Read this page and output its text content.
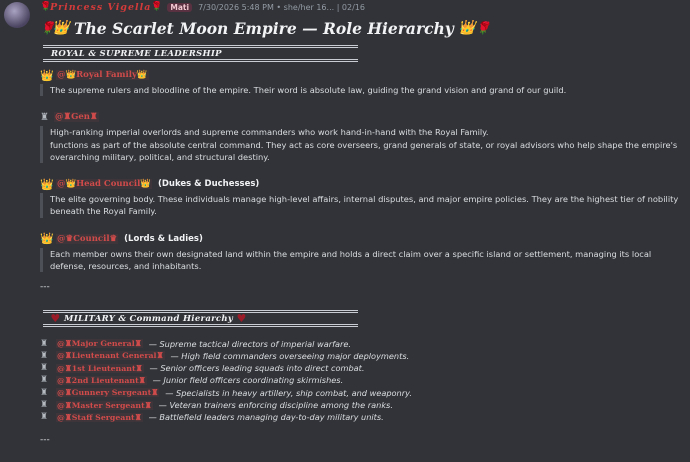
🌹
Princess Vigella 🌹	Mati	7/30/2026 5:48 PM • she/her 16... | 02/16
🌹
👑 The Scarlet Moon Empire — Role Hierarchy 👑 🌹
ROYAL & SUPREME LEADERSHIP
👑 @👑Royal Family👑
The supreme rulers and bloodline of the empire. Their word is absolute law, guiding the grand vision and grand of our guild.
♜ @♜Gen♜
High-ranking imperial overlords and supreme commanders who work hand-in-hand with the Royal Family.
functions as part of the absolute central command. They act as core overseers, grand generals of state, or royal advisors who help shape the empire's overarching military, political, and structural destiny.
👑 @👑Head Council👑 (Dukes & Duchesses)
The elite governing body. These individuals manage high-level affairs, internal disputes, and major empire policies. They are the highest tier of nobility beneath the Royal Family.
👑 @♛Council♛ (Lords & Ladies)
Each member owns their own designated land within the empire and holds a direct claim over a specific island or settlement, managing its local defense, resources, and inhabitants.
---
♥ MILITARY & Command Hierarchy ♥
♜	@♜Major General♜ — Supreme tactical directors of imperial warfare.
♜	@♜Lieutenant General♜ — High field commanders overseeing major deployments.
♜	@♜1st Lieutenant♜ — Senior officers leading squads into direct combat.
♜	@♜2nd Lieutenant♜ — Junior field officers coordinating skirmishes.
♜	@♜Gunnery Sergeant♜ — Specialists in heavy artillery, ship combat, and weaponry.
♜	@♜Master Sergeant♜ — Veteran trainers enforcing discipline among the ranks.
♜	@♜Staff Sergeant♜ — Battlefield leaders managing day-to-day military units.
---
